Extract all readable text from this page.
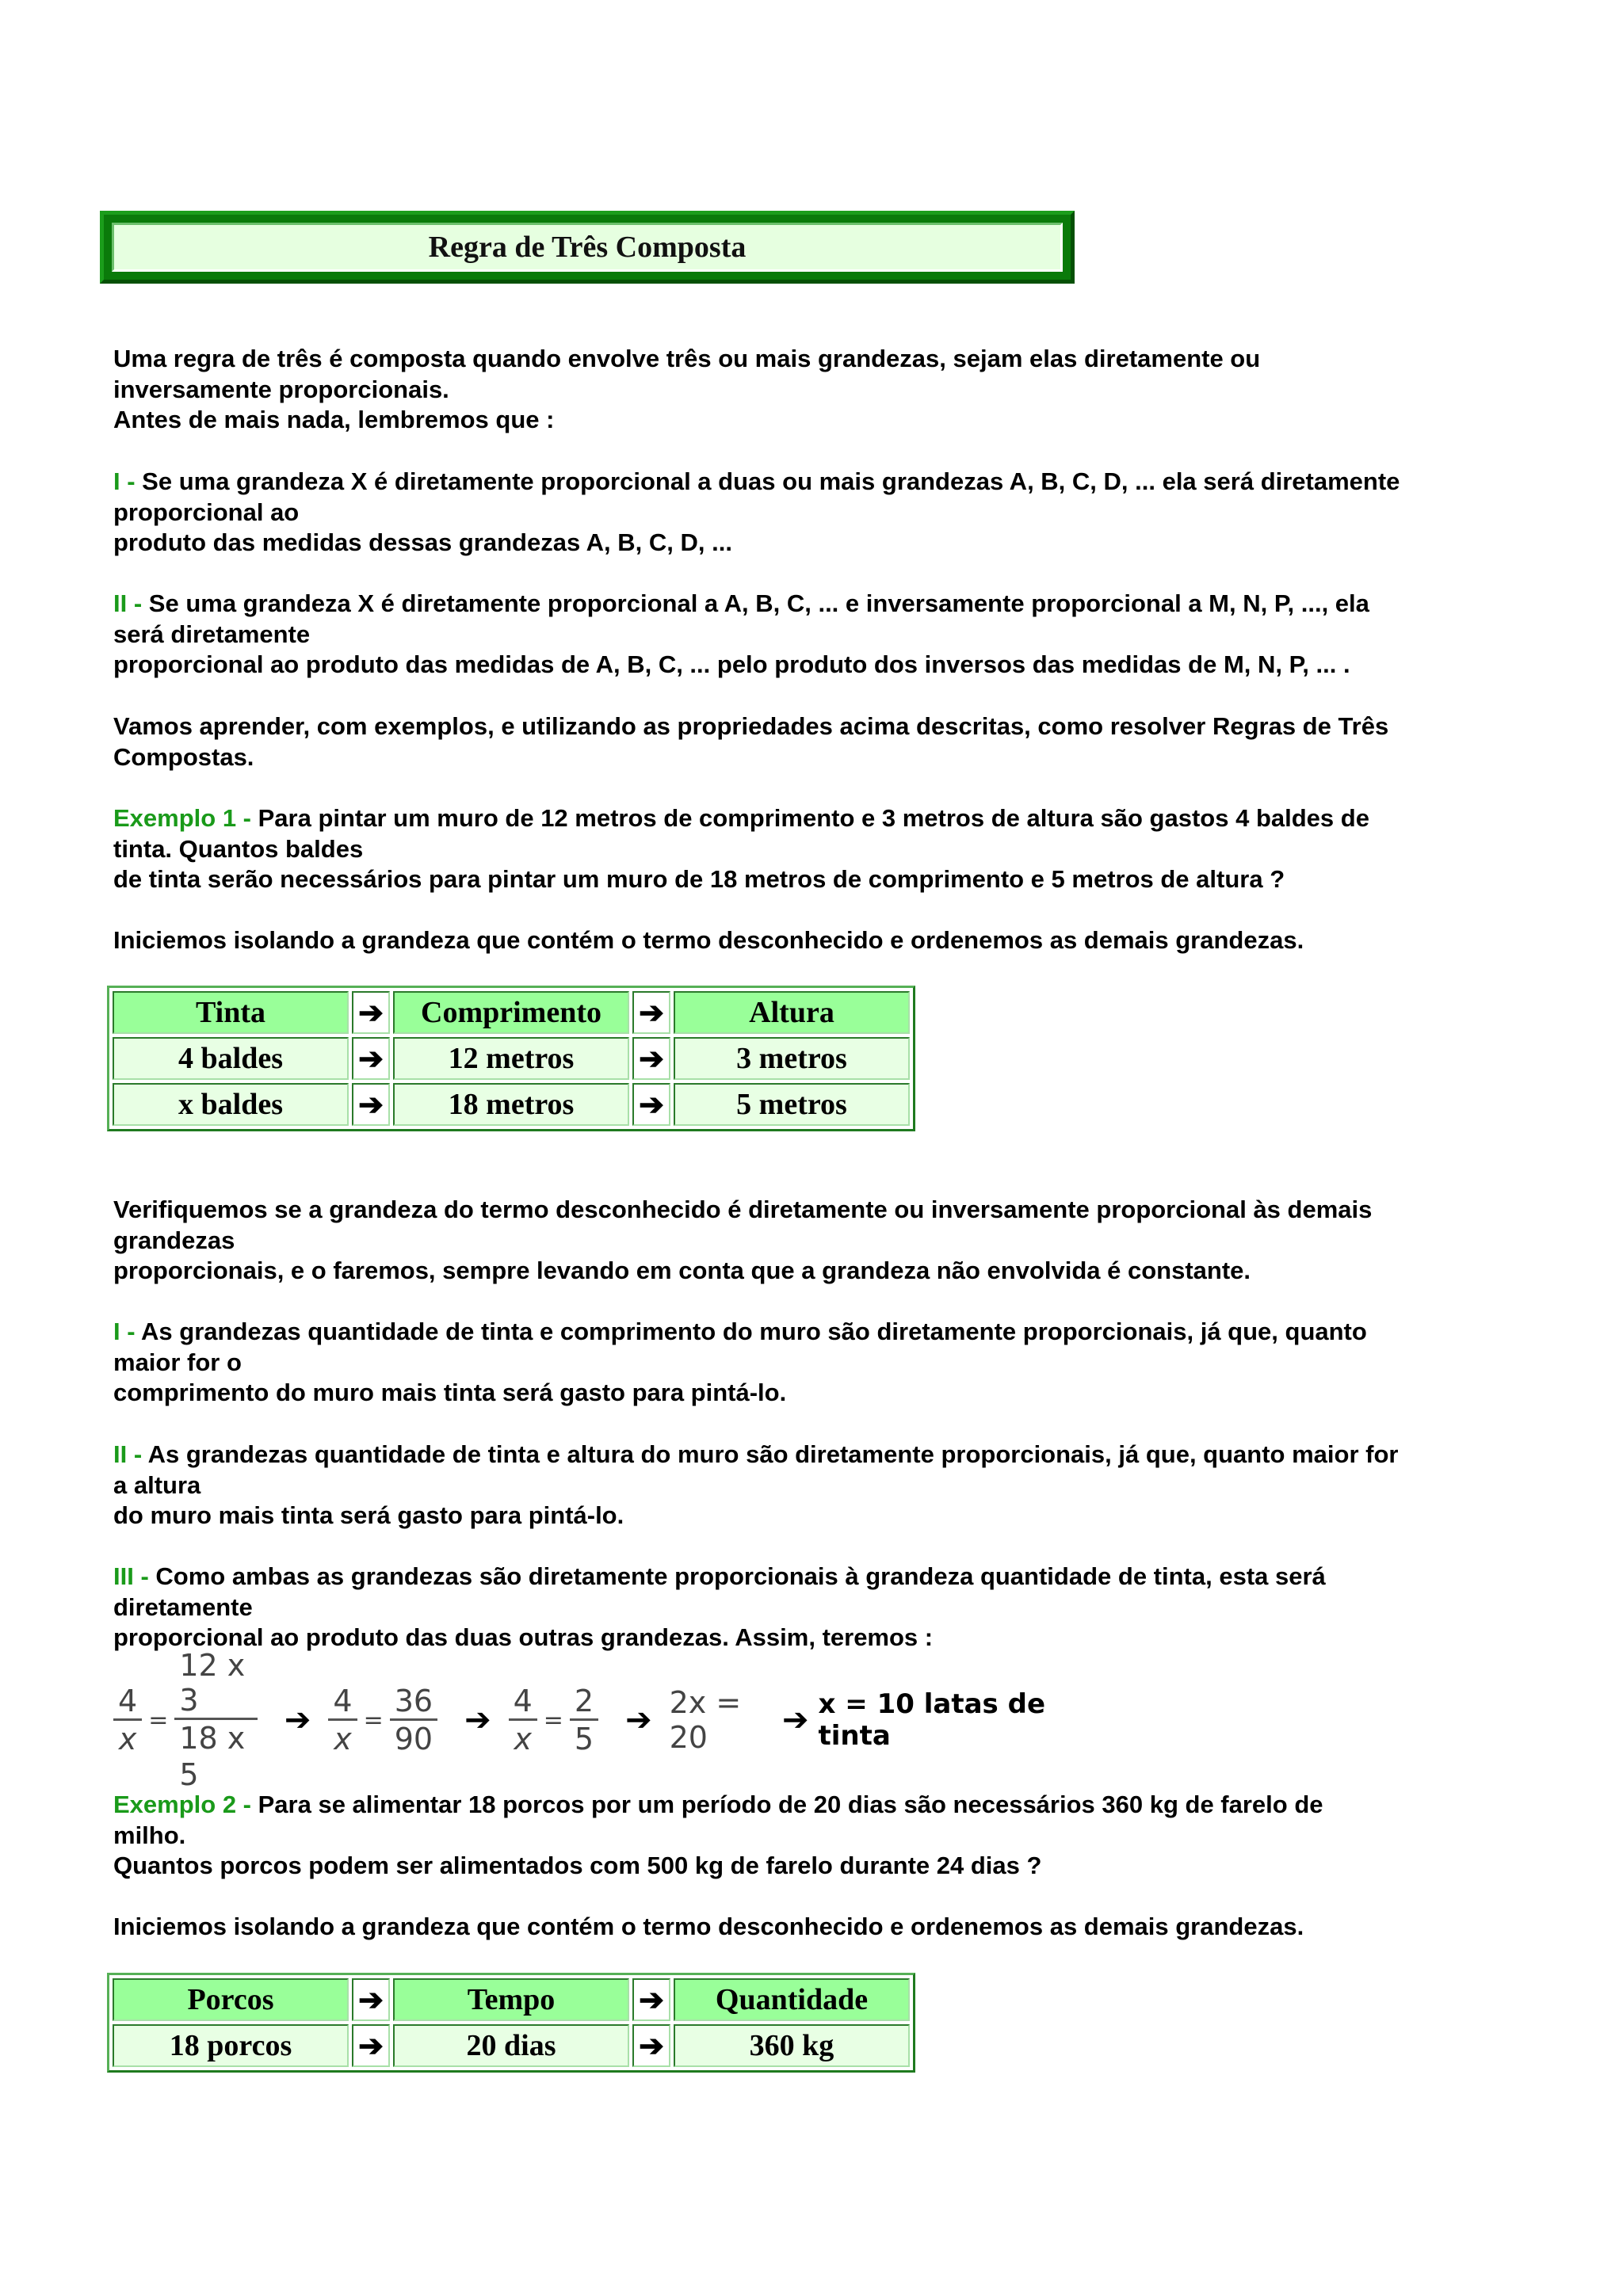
Regra de Três Composta

Uma regra de três é composta quando envolve três ou mais grandezas, sejam elas diretamente ou

inversamente proporcionais.

Antes de mais nada, lembremos que :

I - Se uma grandeza X é diretamente proporcional a duas ou mais grandezas A, B, C, D, ... ela será diretamente

proporcional ao

produto das medidas dessas grandezas A, B, C, D, ...

II - Se uma grandeza X é diretamente proporcional a A, B, C, ... e inversamente proporcional a M, N, P, ..., ela

será diretamente

proporcional ao produto das medidas de A, B, C, ... pelo produto dos inversos das medidas de M, N, P, ... .

Vamos aprender, com exemplos, e utilizando as propriedades acima descritas, como resolver Regras de Três

Compostas.

Exemplo 1 - Para pintar um muro de 12 metros de comprimento e 3 metros de altura são gastos 4 baldes de

tinta. Quantos baldes

de tinta serão necessários para pintar um muro de 18 metros de comprimento e 5 metros de altura ?

Iniciemos isolando a grandeza que contém o termo desconhecido e ordenemos as demais grandezas.

Tinta	➔	Comprimento	➔	Altura
4 baldes	➔	12 metros	➔	3 metros
x baldes	➔	18 metros	➔	5 metros

Verifiquemos se a grandeza do termo desconhecido é diretamente ou inversamente proporcional às demais

grandezas

proporcionais, e o faremos, sempre levando em conta que a grandeza não envolvida é constante.

I - As grandezas quantidade de tinta e comprimento do muro são diretamente proporcionais, já que, quanto

maior for o

comprimento do muro mais tinta será gasto para pintá-lo.

II - As grandezas quantidade de tinta e altura do muro são diretamente proporcionais, já que, quanto maior for

a altura

do muro mais tinta será gasto para pintá-lo.

III - Como ambas as grandezas são diretamente proporcionais à grandeza quantidade de tinta, esta será

diretamente

proporcional ao produto das duas outras grandezas. Assim, teremos :

$\frac{4}{x} = \frac{12 x 3}{18 x 5}$ ➔ $\frac{4}{x} = \frac{36}{90}$ ➔ $\frac{4}{x} = \frac{2}{5}$ ➔ 2x = 20	➔ x = 10 latas de tinta

Exemplo 2 - Para se alimentar 18 porcos por um período de 20 dias são necessários 360 kg de farelo de

milho.

Quantos porcos podem ser alimentados com 500 kg de farelo durante 24 dias ?

Iniciemos isolando a grandeza que contém o termo desconhecido e ordenemos as demais grandezas.

Porcos	➔	Tempo	➔	Quantidade
18 porcos	➔	20 dias	➔	360 kg
